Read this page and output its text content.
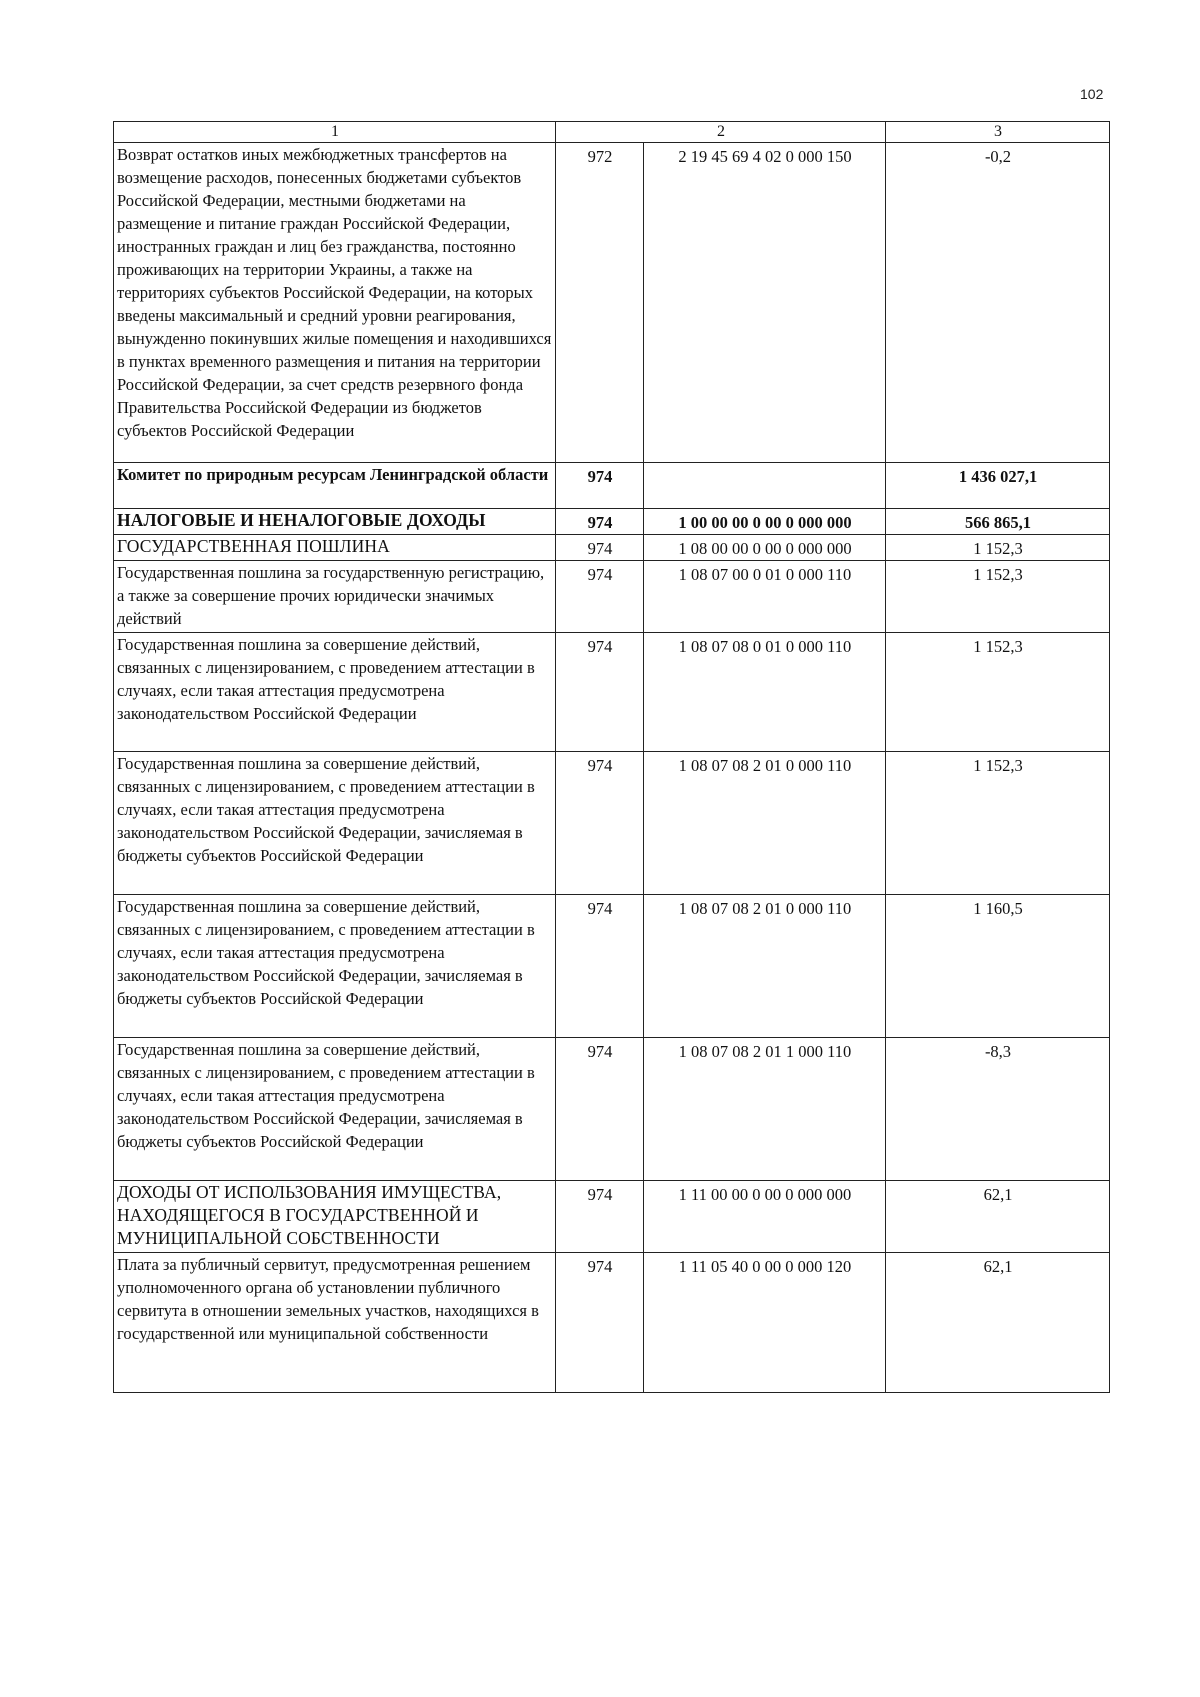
102
1	2		3
Возврат остатков иных межбюджетных трансфертов на возмещение расходов, понесенных бюджетами субъектов Российской Федерации, местными бюджетами на размещение и питание граждан Российской Федерации, иностранных граждан и лиц без гражданства, постоянно проживающих на территории Украины, а также на территориях субъектов Российской Федерации, на которых введены максимальный и средний уровни реагирования, вынужденно покинувших жилые помещения и находившихся в пунктах временного размещения и питания на территории Российской Федерации, за счет средств резервного фонда Правительства Российской Федерации из бюджетов субъектов Российской Федерации	972	2 19 45 69 4 02 0 000 150	-0,2
Комитет по природным ресурсам Ленинградской области	974		1 436 027,1
НАЛОГОВЫЕ И НЕНАЛОГОВЫЕ ДОХОДЫ	974	1 00 00 00 0 00 0 000 000	566 865,1
ГОСУДАРСТВЕННАЯ ПОШЛИНА	974	1 08 00 00 0 00 0 000 000	1 152,3
Государственная пошлина за государственную регистрацию, а также за совершение прочих юридически значимых действий	974	1 08 07 00 0 01 0 000 110	1 152,3
Государственная пошлина за совершение действий, связанных с лицензированием, с проведением аттестации в случаях, если такая аттестация предусмотрена законодательством Российской Федерации	974	1 08 07 08 0 01 0 000 110	1 152,3
Государственная пошлина за совершение действий, связанных с лицензированием, с проведением аттестации в случаях, если такая аттестация предусмотрена законодательством Российской Федерации, зачисляемая в бюджеты субъектов Российской Федерации	974	1 08 07 08 2 01 0 000 110	1 152,3
Государственная пошлина за совершение действий, связанных с лицензированием, с проведением аттестации в случаях, если такая аттестация предусмотрена законодательством Российской Федерации, зачисляемая в бюджеты субъектов Российской Федерации	974	1 08 07 08 2 01 0 000 110	1 160,5
Государственная пошлина за совершение действий, связанных с лицензированием, с проведением аттестации в случаях, если такая аттестация предусмотрена законодательством Российской Федерации, зачисляемая в бюджеты субъектов Российской Федерации	974	1 08 07 08 2 01 1 000 110	-8,3
ДОХОДЫ ОТ ИСПОЛЬЗОВАНИЯ ИМУЩЕСТВА, НАХОДЯЩЕГОСЯ В ГОСУДАРСТВЕННОЙ И МУНИЦИПАЛЬНОЙ СОБСТВЕННОСТИ	974	1 11 00 00 0 00 0 000 000	62,1
Плата за публичный сервитут, предусмотренная решением уполномоченного органа об установлении публичного сервитута в отношении земельных участков, находящихся в государственной или муниципальной собственности	974	1 11 05 40 0 00 0 000 120	62,1
